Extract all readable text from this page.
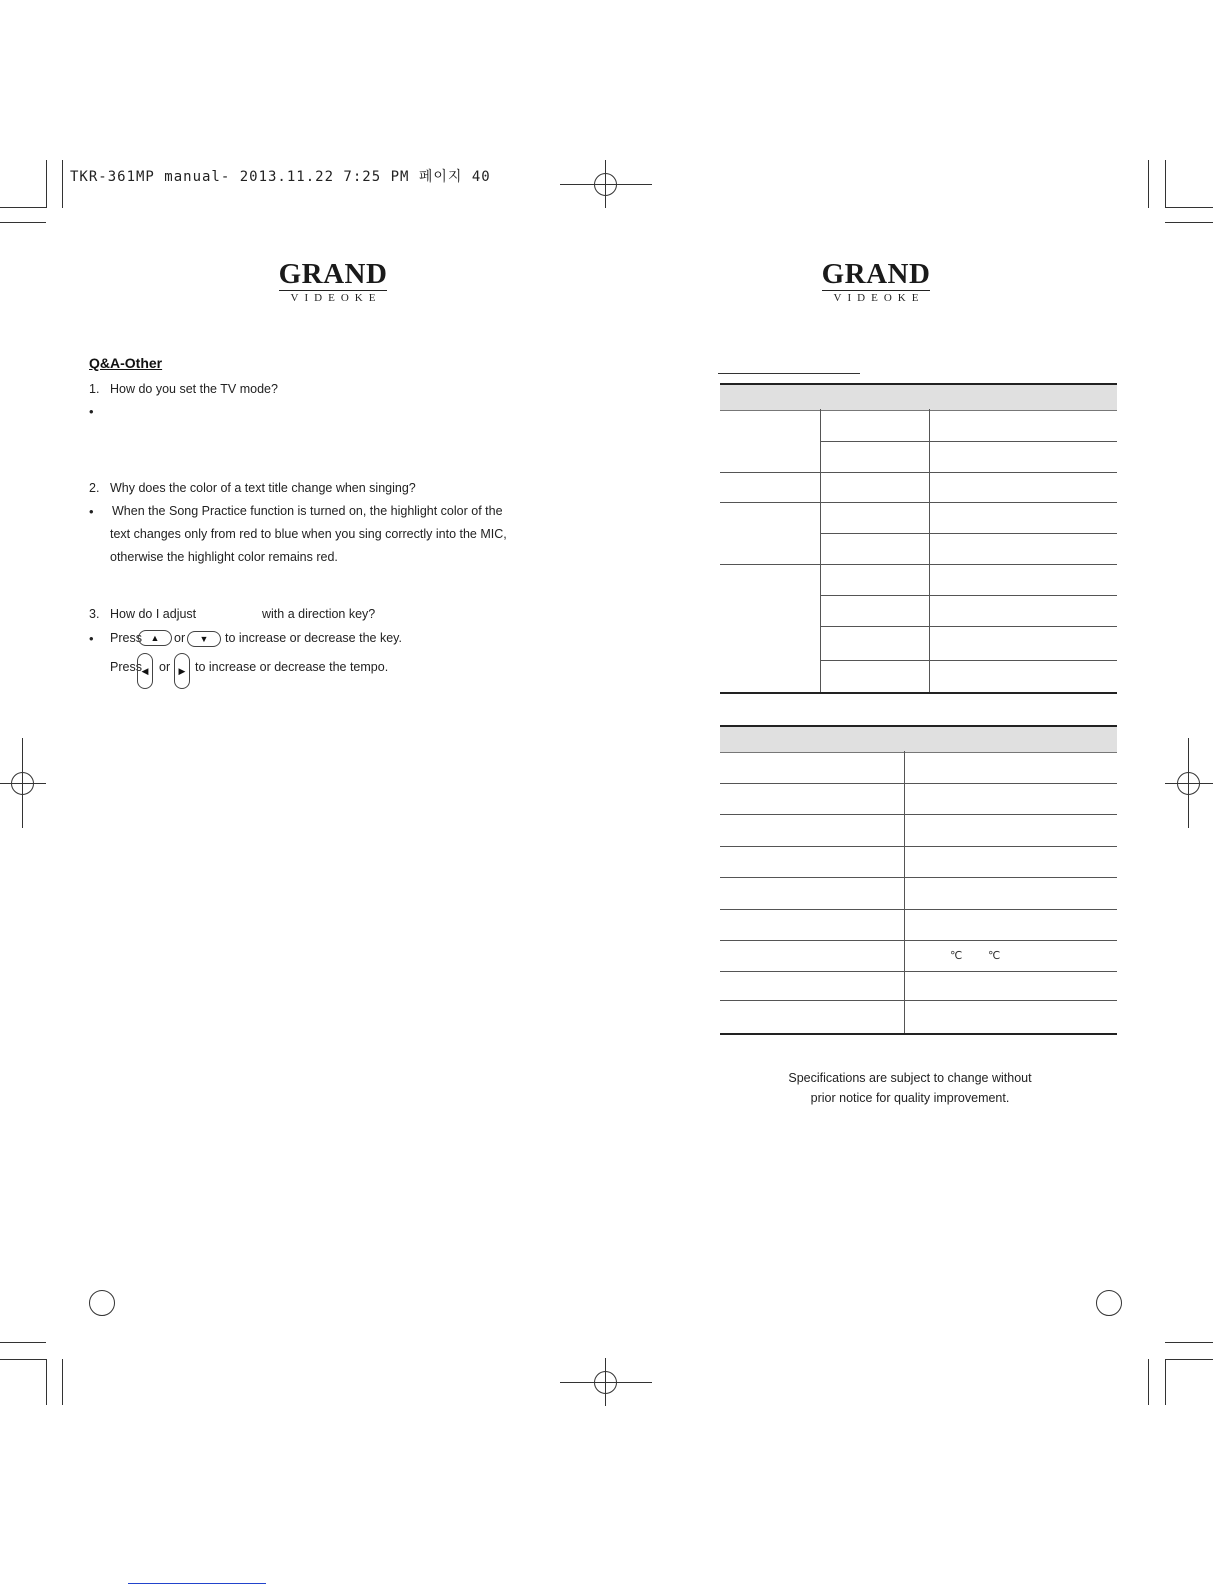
TKR-361MP manual- 2013.11.22 7:25 PM 페이지 40
GRAND
VIDEOKE
GRAND
VIDEOKE
Q&A-Other
1. How do you set the TV mode?
•
2. Why does the color of a text title change when singing?
• When the Song Practice function is turned on, the highlight color of the
text changes only from red to blue when you sing correctly into the MIC,
otherwise the highlight color remains red.
3. How do I adjust	with a direction key?
• Press ▲	or	▼	to increase or decrease the key.
Press ◀ or ▶ to increase or decrease the tempo.
℃ ℃
Specifications are subject to change without
prior notice for quality improvement.
